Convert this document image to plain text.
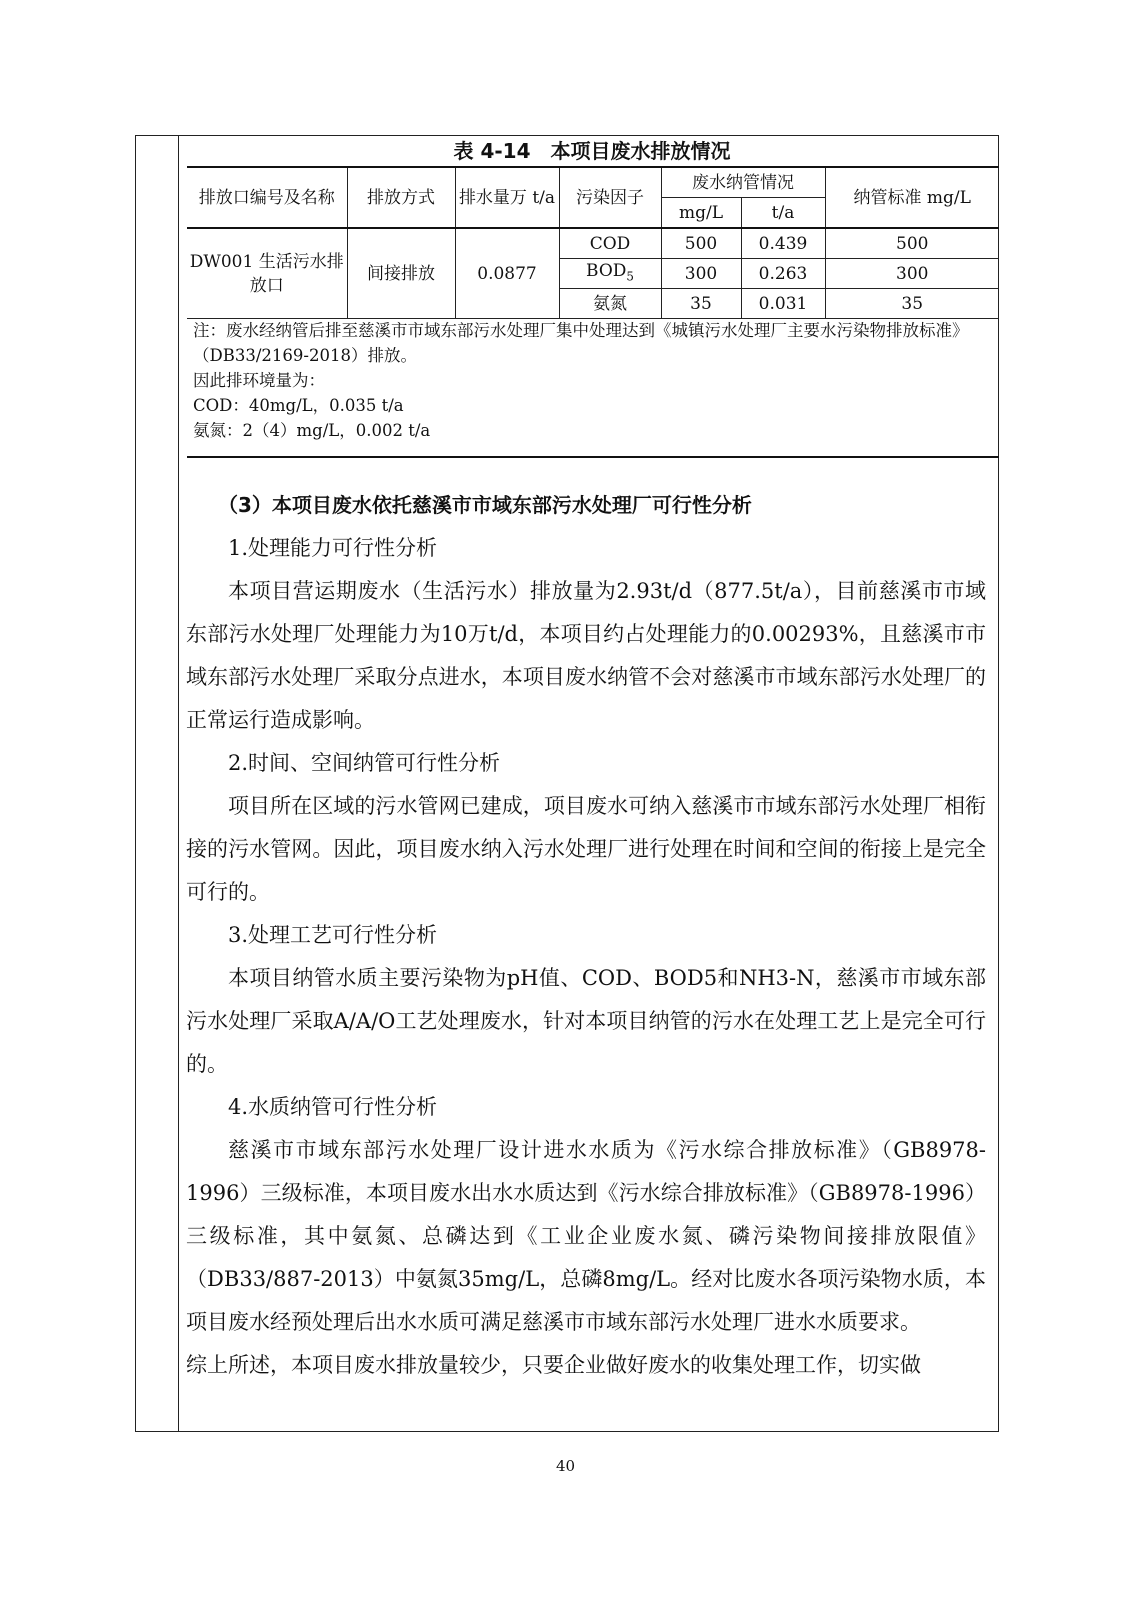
表 4-14　本项目废水排放情况
排放口编号及名称	排放方式	排水量万 t/a	污染因子	废水纳管情况		纳管标准 mg/L
				mg/L	t/a	
DW001 生活污水排放口	间接排放	0.0877	COD	500	0.439	500
			$BOD_5$	300	0.263	300
			氨氮	35	0.031	35

注：废水经纳管后排至慈溪市市域东部污水处理厂集中处理达到《城镇污水处理厂主要水污染物排放标准》（DB33/2169-2018）排放。

因此排环境量为：

COD：40mg/L，0.035 t/a

氨氮：2（4）mg/L，0.002 t/a

（3）本项目废水依托慈溪市市域东部污水处理厂可行性分析

1.处理能力可行性分析

本项目营运期废水（生活污水）排放量为2.93t/d（877.5t/a），目前慈溪市市域东部污水处理厂处理能力为10万t/d，本项目约占处理能力的0.00293%，且慈溪市市域东部污水处理厂采取分点进水，本项目废水纳管不会对慈溪市市域东部污水处理厂的正常运行造成影响。

2.时间、空间纳管可行性分析

项目所在区域的污水管网已建成，项目废水可纳入慈溪市市域东部污水处理厂相衔接的污水管网。因此，项目废水纳入污水处理厂进行处理在时间和空间的衔接上是完全可行的。

3.处理工艺可行性分析

本项目纳管水质主要污染物为pH值、COD、BOD5和NH3-N，慈溪市市域东部污水处理厂采取A/A/O工艺处理废水，针对本项目纳管的污水在处理工艺上是完全可行的。

4.水质纳管可行性分析

慈溪市市域东部污水处理厂设计进水水质为《污水综合排放标准》（GB8978-1996）三级标准，本项目废水出水水质达到《污水综合排放标准》（GB8978-1996）三级标准，其中氨氮、总磷达到《工业企业废水氮、磷污染物间接排放限值》（DB33/887-2013）中氨氮35mg/L，总磷8mg/L。经对比废水各项污染物水质，本项目废水经预处理后出水水质可满足慈溪市市域东部污水处理厂进水水质要求。

综上所述，本项目废水排放量较少，只要企业做好废水的收集处理工作，切实做

40
